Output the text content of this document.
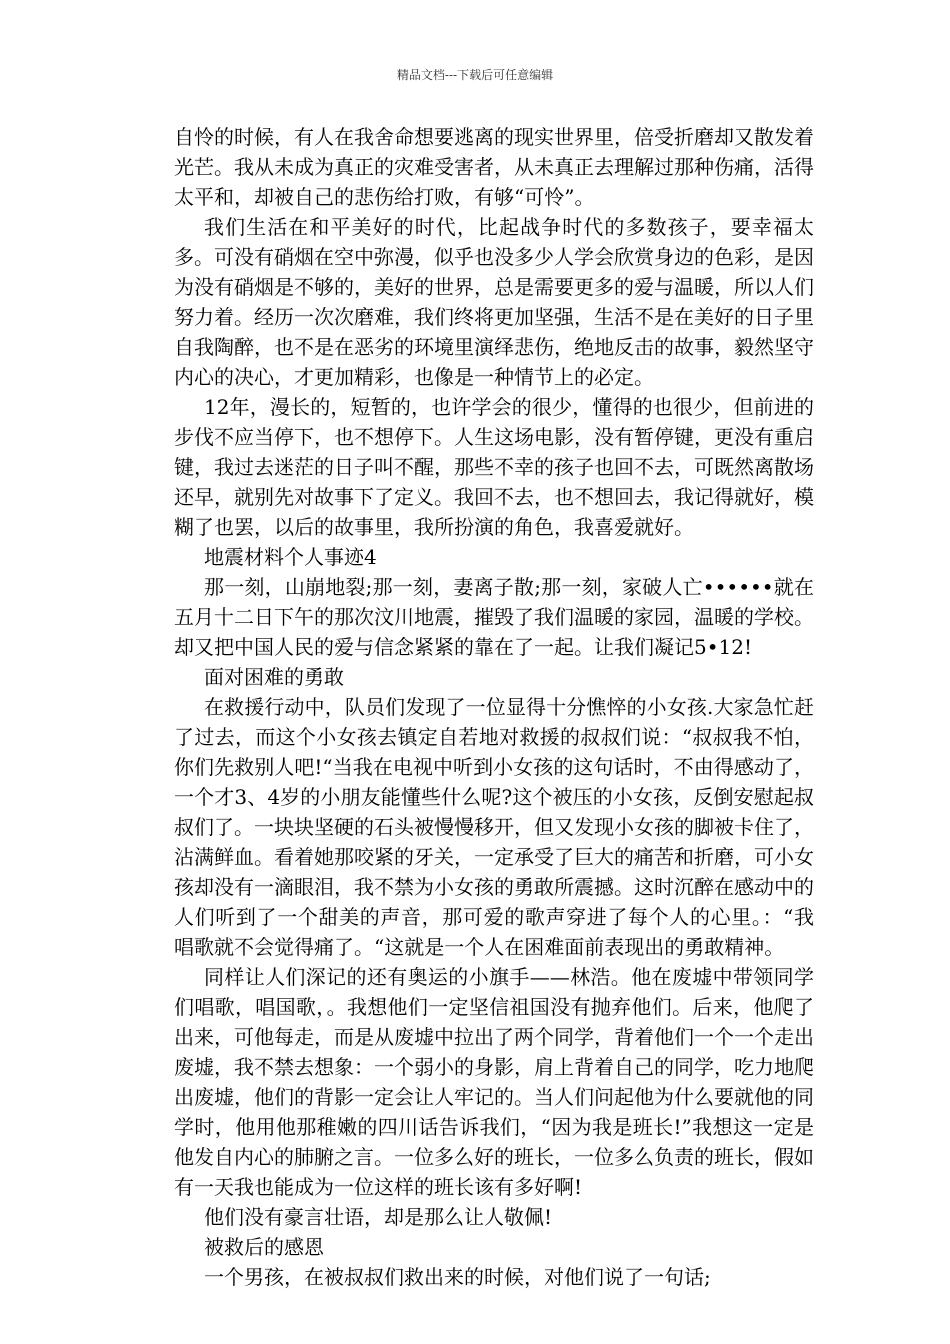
精品文档---下载后可任意编辑

自怜的时候，有人在我舍命想要逃离的现实世界里，倍受折磨却又散发着光芒。我从未成为真正的灾难受害者，从未真正去理解过那种伤痛，活得太平和，却被自己的悲伤给打败，有够“可怜”。

我们生活在和平美好的时代，比起战争时代的多数孩子，要幸福太多。可没有硝烟在空中弥漫，似乎也没多少人学会欣赏身边的色彩，是因为没有硝烟是不够的，美好的世界，总是需要更多的爱与温暖，所以人们努力着。经历一次次磨难，我们终将更加坚强，生活不是在美好的日子里自我陶醉，也不是在恶劣的环境里演绎悲伤，绝地反击的故事，毅然坚守内心的决心，才更加精彩，也像是一种情节上的必定。

12年，漫长的，短暂的，也许学会的很少，懂得的也很少，但前进的步伐不应当停下，也不想停下。人生这场电影，没有暂停键，更没有重启键，我过去迷茫的日子叫不醒，那些不幸的孩子也回不去，可既然离散场还早，就别先对故事下了定义。我回不去，也不想回去，我记得就好，模糊了也罢，以后的故事里，我所扮演的角色，我喜爱就好。

地震材料个人事迹4

那一刻，山崩地裂;那一刻，妻离子散;那一刻，家破人亡••••••就在五月十二日下午的那次汶川地震，摧毁了我们温暖的家园，温暖的学校。却又把中国人民的爱与信念紧紧的靠在了一起。让我们凝记5•12!

面对困难的勇敢

在救援行动中，队员们发现了一位显得十分憔悴的小女孩.大家急忙赶了过去，而这个小女孩去镇定自若地对救援的叔叔们说：“叔叔我不怕，你们先救别人吧!“当我在电视中听到小女孩的这句话时，不由得感动了，一个才3、4岁的小朋友能懂些什么呢?这个被压的小女孩，反倒安慰起叔叔们了。一块块坚硬的石头被慢慢移开，但又发现小女孩的脚被卡住了，沾满鲜血。看着她那咬紧的牙关，一定承受了巨大的痛苦和折磨，可小女孩却没有一滴眼泪，我不禁为小女孩的勇敢所震撼。这时沉醉在感动中的人们听到了一个甜美的声音，那可爱的歌声穿进了每个人的心里。：“我唱歌就不会觉得痛了。“这就是一个人在困难面前表现出的勇敢精神。

同样让人们深记的还有奥运的小旗手——林浩。他在废墟中带领同学们唱歌，唱国歌，。我想他们一定坚信祖国没有抛弃他们。后来，他爬了出来，可他每走，而是从废墟中拉出了两个同学，背着他们一个一个走出废墟，我不禁去想象：一个弱小的身影，肩上背着自己的同学，吃力地爬出废墟，他们的背影一定会让人牢记的。当人们问起他为什么要就他的同学时，他用他那稚嫩的四川话告诉我们，“因为我是班长!”我想这一定是他发自内心的肺腑之言。一位多么好的班长，一位多么负责的班长，假如有一天我也能成为一位这样的班长该有多好啊!

他们没有豪言壮语，却是那么让人敬佩!

被救后的感恩

一个男孩，在被叔叔们救出来的时候，对他们说了一句话;
